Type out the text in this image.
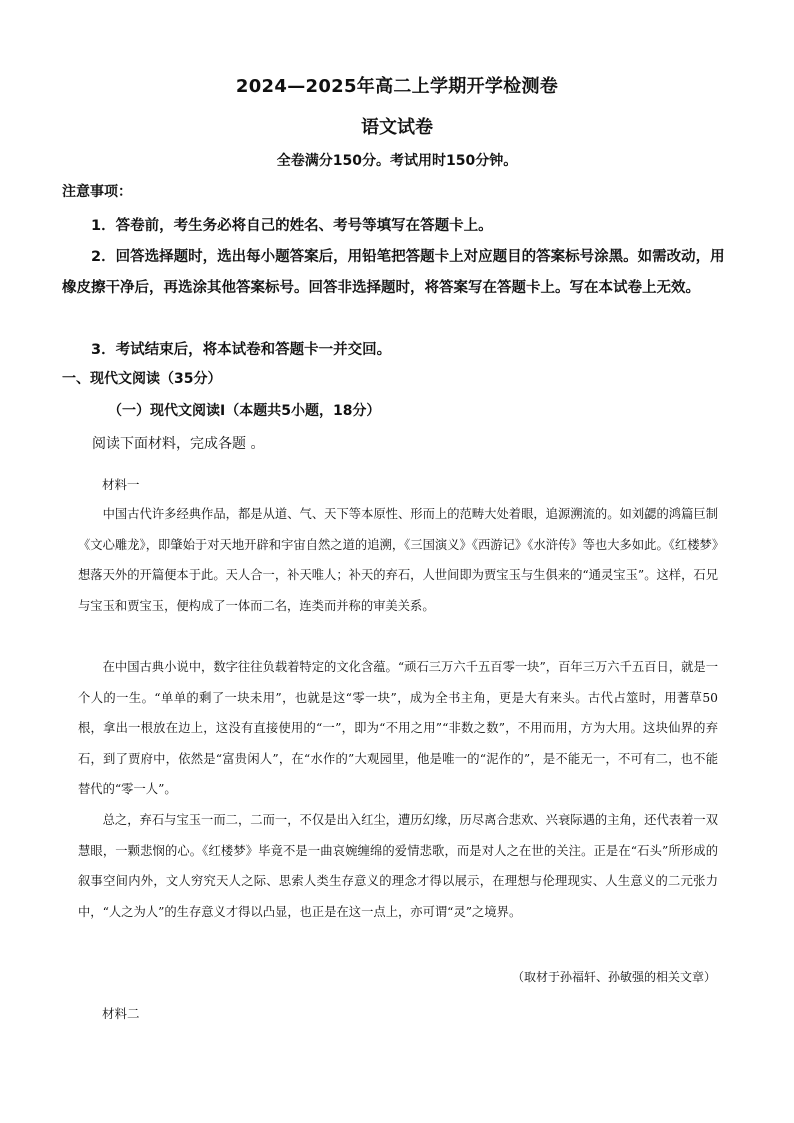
2024—2025年高二上学期开学检测卷
语文试卷
全卷满分150分。考试用时150分钟。
注意事项：

1．答卷前，考生务必将自己的姓名、考号等填写在答题卡上。

2．回答选择题时，选出每小题答案后，用铅笔把答题卡上对应题目的答案标号涂黑。如需改动，用橡皮擦干净后，再选涂其他答案标号。回答非选择题时，将答案写在答题卡上。写在本试卷上无效。

3．考试结束后，将本试卷和答题卡一并交回。

一、现代文阅读（35分）
（一）现代文阅读Ⅰ（本题共5小题，18分）
阅读下面材料，完成各题 。
材料一

中国古代许多经典作品，都是从道、气、天下等本原性、形而上的范畴大处着眼，追源溯流的。如刘勰的鸿篇巨制《文心雕龙》，即肇始于对天地开辟和宇宙自然之道的追溯，《三国演义》《西游记》《水浒传》等也大多如此。《红楼梦》想落天外的开篇便本于此。天人合一，补天唯人；补天的弃石，人世间即为贾宝玉与生俱来的“通灵宝玉”。这样，石兄与宝玉和贾宝玉，便构成了一体而二名，连类而并称的审美关系。

在中国古典小说中，数字往往负载着特定的文化含蕴。“顽石三万六千五百零一块”，百年三万六千五百日，就是一个人的一生。“单单的剩了一块未用”，也就是这“零一块”，成为全书主角，更是大有来头。古代占筮时，用蓍草50根，拿出一根放在边上，这没有直接使用的“一”，即为“不用之用”“非数之数”，不用而用，方为大用。这块仙界的弃石，到了贾府中，依然是“富贵闲人”，在“水作的”大观园里，他是唯一的“泥作的”，是不能无一，不可有二，也不能替代的“零一人”。

总之，弃石与宝玉一而二，二而一，不仅是出入红尘，遭历幻缘，历尽离合悲欢、兴衰际遇的主角，还代表着一双慧眼，一颗悲悯的心。《红楼梦》毕竟不是一曲哀婉缠绵的爱情悲歌，而是对人之在世的关注。正是在“石头”所形成的叙事空间内外，文人穷究天人之际、思索人类生存意义的理念才得以展示，在理想与伦理现实、人生意义的二元张力中，“人之为人”的生存意义才得以凸显，也正是在这一点上，亦可谓“灵”之境界。

（取材于孙福轩、孙敏强的相关文章）
材料二
